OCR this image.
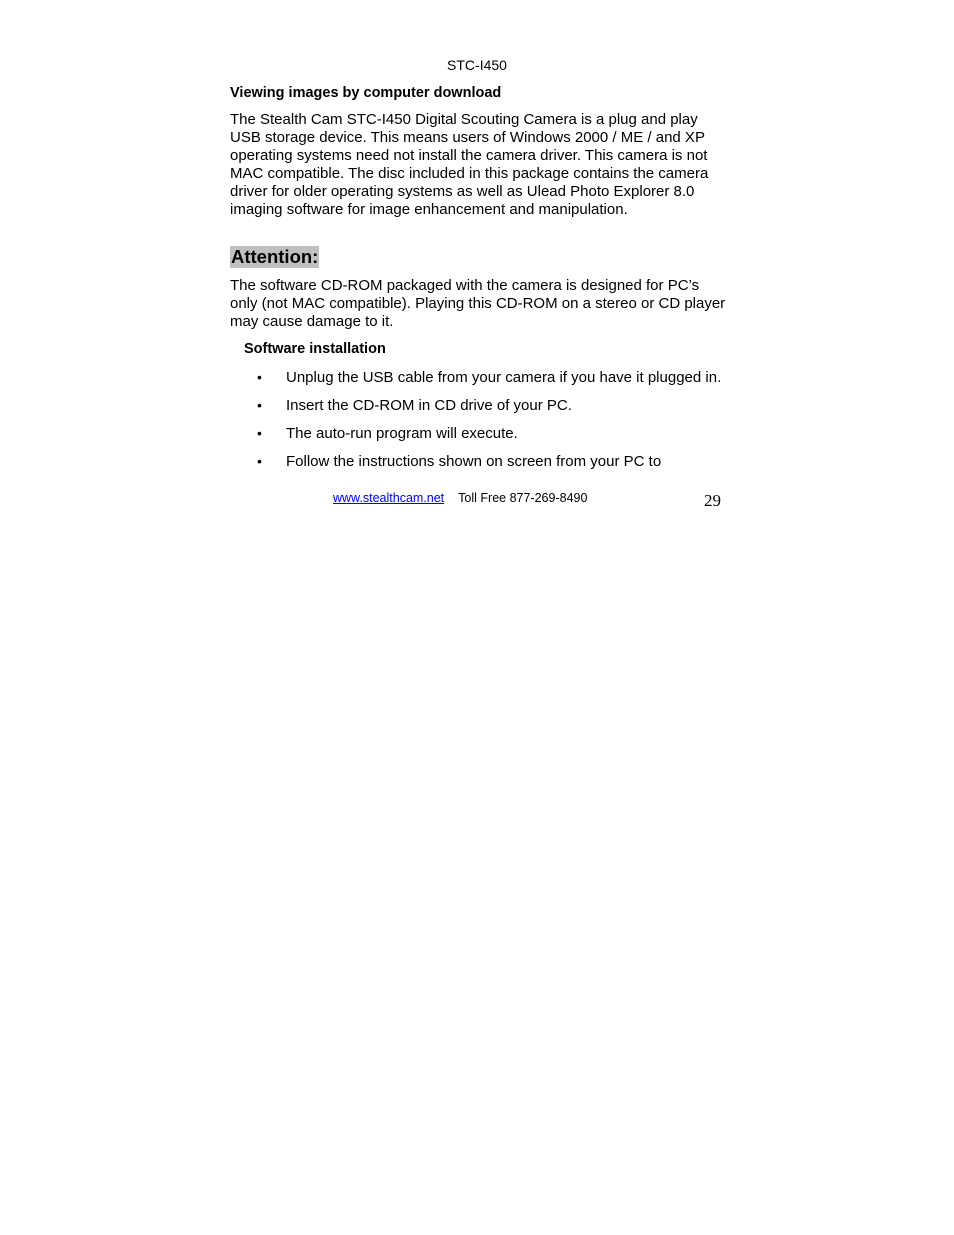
STC-I450
Viewing images by computer download
The Stealth Cam STC-I450 Digital Scouting Camera is a plug and play USB storage device. This means users of Windows 2000 / ME / and XP operating systems need not install the camera driver. This camera is not MAC compatible. The disc included in this package contains the camera driver for older operating systems as well as Ulead Photo Explorer 8.0 imaging software for image enhancement and manipulation.
Attention:
The software CD-ROM packaged with the camera is designed for PC’s only (not MAC compatible). Playing this CD-ROM on a stereo or CD player may cause damage to it.
Software installation
• Unplug the USB cable from your camera if you have it plugged in.
• Insert the CD-ROM in CD drive of your PC.
• The auto-run program will execute.
• Follow the instructions shown on screen from your PC to
www.stealthcam.net Toll Free 877-269-8490	29
